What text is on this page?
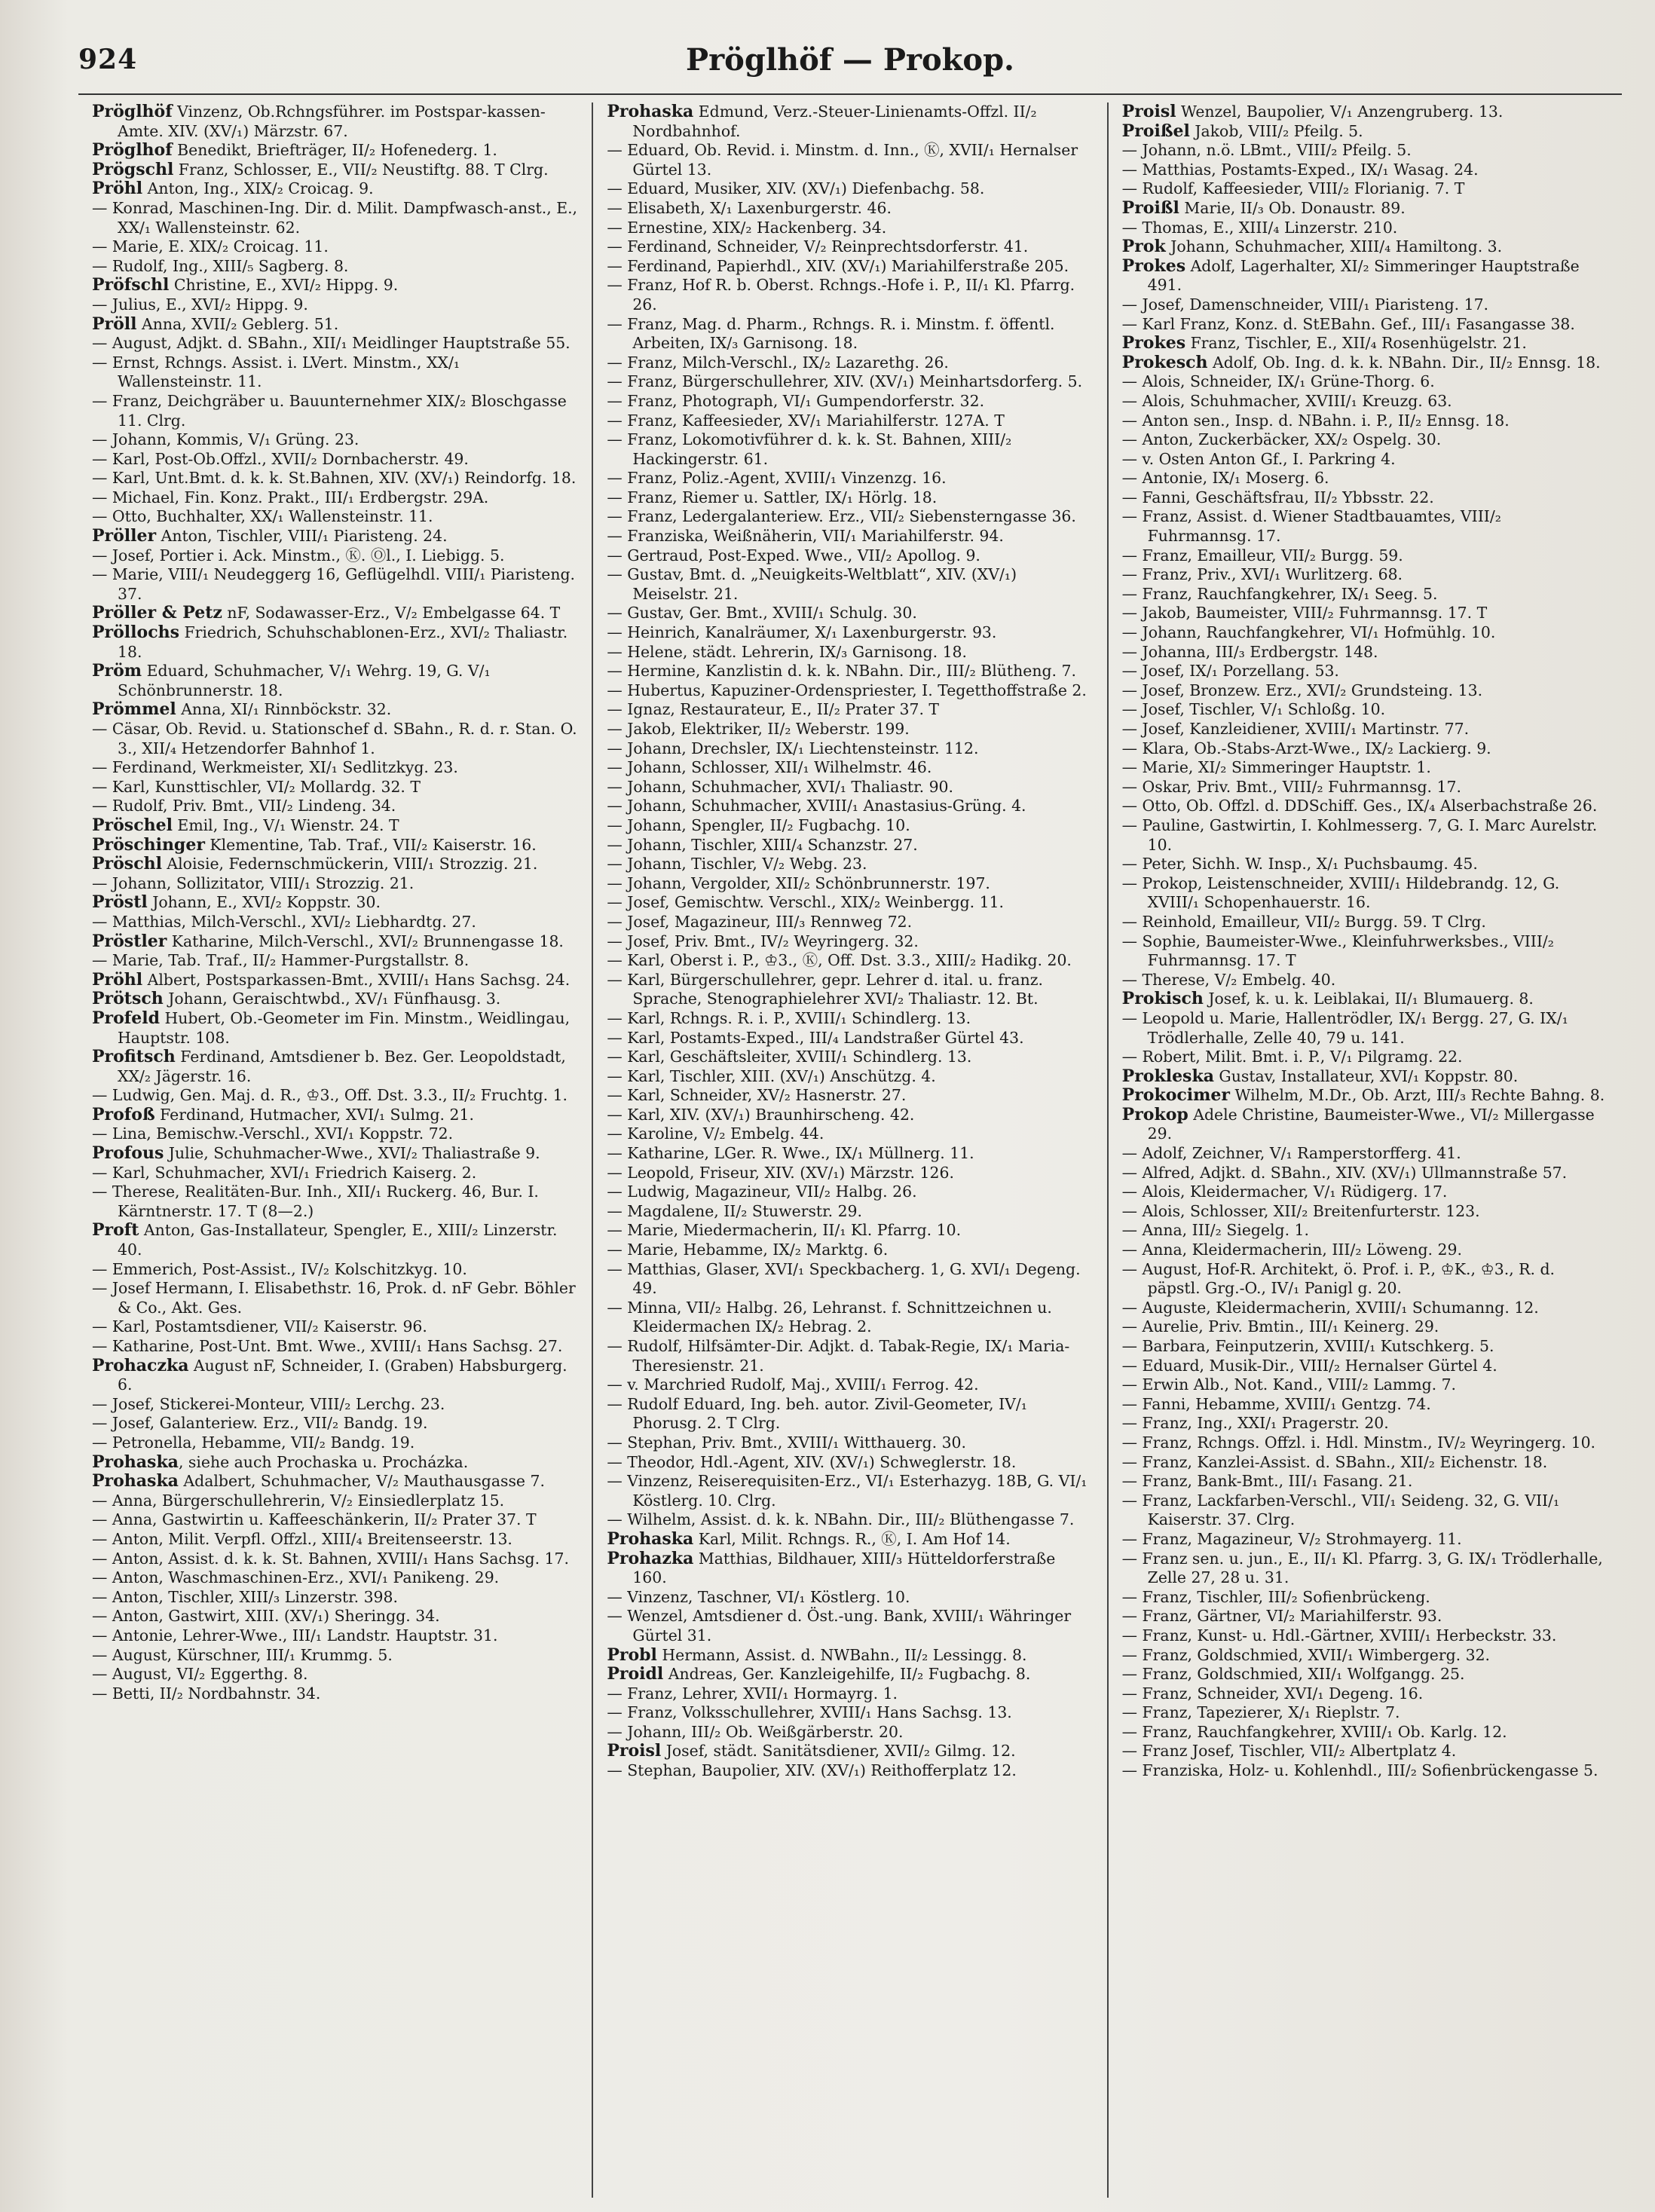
924	Pröglhöf — Prokop.
Pröglhöf Vinzenz, Ob.Rchngsführer. im Postspar-kassen-Amte. XIV. (XV/₁) Märzstr. 67.
Pröglhof Benedikt, Briefträger, II/₂ Hofenederg. 1.
Prögschl Franz, Schlosser, E., VII/₂ Neustiftg. 88. T Clrg.
Pröhl Anton, Ing., XIX/₂ Croicag. 9.
— Konrad, Maschinen-Ing. Dir. d. Milit. Dampfwasch-anst., E., XX/₁ Wallensteinstr. 62.
— Marie, E. XIX/₂ Croicag. 11.
— Rudolf, Ing., XIII/₅ Sagberg. 8.
Pröfschl Christine, E., XVI/₂ Hippg. 9.
— Julius, E., XVI/₂ Hippg. 9.
Pröll Anna, XVII/₂ Geblerg. 51.
— August, Adjkt. d. SBahn., XII/₁ Meidlinger Hauptstraße 55.
— Ernst, Rchngs. Assist. i. LVert. Minstm., XX/₁ Wallensteinstr. 11.
— Franz, Deichgräber u. Bauunternehmer XIX/₂ Bloschgasse 11. Clrg.
— Johann, Kommis, V/₁ Grüng. 23.
— Karl, Post-Ob.Offzl., XVII/₂ Dornbacherstr. 49.
— Karl, Unt.Bmt. d. k. k. St.Bahnen, XIV. (XV/₁) Reindorfg. 18.
— Michael, Fin. Konz. Prakt., III/₁ Erdbergstr. 29A.
— Otto, Buchhalter, XX/₁ Wallensteinstr. 11.
Pröller Anton, Tischler, VIII/₁ Piaristeng. 24.
— Josef, Portier i. Ack. Minstm., Ⓚ. Ⓞl., I. Liebigg. 5.
— Marie, VIII/₁ Neudeggerg 16, Geflügelhdl. VIII/₁ Piaristeng. 37.
Pröller & Petz nF, Sodawasser-Erz., V/₂ Embelgasse 64. T
Pröllochs Friedrich, Schuhschablonen-Erz., XVI/₂ Thaliastr. 18.
Pröm Eduard, Schuhmacher, V/₁ Wehrg. 19, G. V/₁ Schönbrunnerstr. 18.
Prömmel Anna, XI/₁ Rinnböckstr. 32.
— Cäsar, Ob. Revid. u. Stationschef d. SBahn., R. d. r. Stan. O. 3., XII/₄ Hetzendorfer Bahnhof 1.
— Ferdinand, Werkmeister, XI/₁ Sedlitzkyg. 23.
— Karl, Kunsttischler, VI/₂ Mollardg. 32. T
— Rudolf, Priv. Bmt., VII/₂ Lindeng. 34.
Pröschel Emil, Ing., V/₁ Wienstr. 24. T
Pröschinger Klementine, Tab. Traf., VII/₂ Kaiserstr. 16.
Pröschl Aloisie, Federnschmückerin, VIII/₁ Strozzig. 21.
— Johann, Sollizitator, VIII/₁ Strozzig. 21.
Pröstl Johann, E., XVI/₂ Koppstr. 30.
— Matthias, Milch-Verschl., XVI/₂ Liebhardtg. 27.
Pröstler Katharine, Milch-Verschl., XVI/₂ Brunnengasse 18.
— Marie, Tab. Traf., II/₂ Hammer-Purgstallstr. 8.
Pröhl Albert, Postsparkassen-Bmt., XVIII/₁ Hans Sachsg. 24.
Prötsch Johann, Geraischtwbd., XV/₁ Fünfhausg. 3.
Profeld Hubert, Ob.-Geometer im Fin. Minstm., Weidlingau, Hauptstr. 108.
Profitsch Ferdinand, Amtsdiener b. Bez. Ger. Leopoldstadt, XX/₂ Jägerstr. 16.
— Ludwig, Gen. Maj. d. R., ♔3., Off. Dst. 3.3., II/₂ Fruchtg. 1.
Profoß Ferdinand, Hutmacher, XVI/₁ Sulmg. 21.
— Lina, Bemischw.-Verschl., XVI/₁ Koppstr. 72.
Profous Julie, Schuhmacher-Wwe., XVI/₂ Thaliastraße 9.
— Karl, Schuhmacher, XVI/₁ Friedrich Kaiserg. 2.
— Therese, Realitäten-Bur. Inh., XII/₁ Ruckerg. 46, Bur. I. Kärntnerstr. 17. T (8—2.)
Proft Anton, Gas-Installateur, Spengler, E., XIII/₂ Linzerstr. 40.
— Emmerich, Post-Assist., IV/₂ Kolschitzkyg. 10.
— Josef Hermann, I. Elisabethstr. 16, Prok. d. nF Gebr. Böhler & Co., Akt. Ges.
— Karl, Postamtsdiener, VII/₂ Kaiserstr. 96.
— Katharine, Post-Unt. Bmt. Wwe., XVIII/₁ Hans Sachsg. 27.
Prohaczka August nF, Schneider, I. (Graben) Habsburgerg. 6.
— Josef, Stickerei-Monteur, VIII/₂ Lerchg. 23.
— Josef, Galanteriew. Erz., VII/₂ Bandg. 19.
— Petronella, Hebamme, VII/₂ Bandg. 19.
Prohaska, siehe auch Prochaska u. Procházka.
Prohaska Adalbert, Schuhmacher, V/₂ Mauthausgasse 7.
— Anna, Bürgerschullehrerin, V/₂ Einsiedlerplatz 15.
— Anna, Gastwirtin u. Kaffeeschänkerin, II/₂ Prater 37. T
— Anton, Milit. Verpfl. Offzl., XIII/₄ Breitenseerstr. 13.
— Anton, Assist. d. k. k. St. Bahnen, XVIII/₁ Hans Sachsg. 17.
— Anton, Waschmaschinen-Erz., XVI/₁ Panikeng. 29.
— Anton, Tischler, XIII/₃ Linzerstr. 398.
— Anton, Gastwirt, XIII. (XV/₁) Sheringg. 34.
— Antonie, Lehrer-Wwe., III/₁ Landstr. Hauptstr. 31.
— August, Kürschner, III/₁ Krummg. 5.
— August, VI/₂ Eggerthg. 8.
— Betti, II/₂ Nordbahnstr. 34.
Prohaska Edmund, Verz.-Steuer-Linienamts-Offzl. II/₂ Nordbahnhof.
— Eduard, Ob. Revid. i. Minstm. d. Inn., Ⓚ, XVII/₁ Hernalser Gürtel 13.
— Eduard, Musiker, XIV. (XV/₁) Diefenbachg. 58.
— Elisabeth, X/₁ Laxenburgerstr. 46.
— Ernestine, XIX/₂ Hackenberg. 34.
— Ferdinand, Schneider, V/₂ Reinprechtsdorferstr. 41.
— Ferdinand, Papierhdl., XIV. (XV/₁) Mariahilferstraße 205.
— Franz, Hof R. b. Oberst. Rchngs.-Hofe i. P., II/₁ Kl. Pfarrg. 26.
— Franz, Mag. d. Pharm., Rchngs. R. i. Minstm. f. öffentl. Arbeiten, IX/₃ Garnisong. 18.
— Franz, Milch-Verschl., IX/₂ Lazarethg. 26.
— Franz, Bürgerschullehrer, XIV. (XV/₁) Meinhartsdorferg. 5.
— Franz, Photograph, VI/₁ Gumpendorferstr. 32.
— Franz, Kaffeesieder, XV/₁ Mariahilferstr. 127A. T
— Franz, Lokomotivführer d. k. k. St. Bahnen, XIII/₂ Hackingerstr. 61.
— Franz, Poliz.-Agent, XVIII/₁ Vinzenzg. 16.
— Franz, Riemer u. Sattler, IX/₁ Hörlg. 18.
— Franz, Ledergalanteriew. Erz., VII/₂ Siebensterngasse 36.
— Franziska, Weißnäherin, VII/₁ Mariahilferstr. 94.
— Gertraud, Post-Exped. Wwe., VII/₂ Apollog. 9.
— Gustav, Bmt. d. „Neuigkeits-Weltblatt“, XIV. (XV/₁) Meiselstr. 21.
— Gustav, Ger. Bmt., XVIII/₁ Schulg. 30.
— Heinrich, Kanalräumer, X/₁ Laxenburgerstr. 93.
— Helene, städt. Lehrerin, IX/₃ Garnisong. 18.
— Hermine, Kanzlistin d. k. k. NBahn. Dir., III/₂ Blütheng. 7.
— Hubertus, Kapuziner-Ordenspriester, I. Tegetthoffstraße 2.
— Ignaz, Restaurateur, E., II/₂ Prater 37. T
— Jakob, Elektriker, II/₂ Weberstr. 199.
— Johann, Drechsler, IX/₁ Liechtensteinstr. 112.
— Johann, Schlosser, XII/₁ Wilhelmstr. 46.
— Johann, Schuhmacher, XVI/₁ Thaliastr. 90.
— Johann, Schuhmacher, XVIII/₁ Anastasius-Grüng. 4.
— Johann, Spengler, II/₂ Fugbachg. 10.
— Johann, Tischler, XIII/₄ Schanzstr. 27.
— Johann, Tischler, V/₂ Webg. 23.
— Johann, Vergolder, XII/₂ Schönbrunnerstr. 197.
— Josef, Gemischtw. Verschl., XIX/₂ Weinbergg. 11.
— Josef, Magazineur, III/₃ Rennweg 72.
— Josef, Priv. Bmt., IV/₂ Weyringerg. 32.
— Karl, Oberst i. P., ♔3., Ⓚ, Off. Dst. 3.3., XIII/₂ Hadikg. 20.
— Karl, Bürgerschullehrer, gepr. Lehrer d. ital. u. franz. Sprache, Stenographielehrer XVI/₂ Thaliastr. 12. Bt.
— Karl, Rchngs. R. i. P., XVIII/₁ Schindlerg. 13.
— Karl, Postamts-Exped., III/₄ Landstraßer Gürtel 43.
— Karl, Geschäftsleiter, XVIII/₁ Schindlerg. 13.
— Karl, Tischler, XIII. (XV/₁) Anschützg. 4.
— Karl, Schneider, XV/₂ Hasnerstr. 27.
— Karl, XIV. (XV/₁) Braunhirscheng. 42.
— Karoline, V/₂ Embelg. 44.
— Katharine, LGer. R. Wwe., IX/₁ Müllnerg. 11.
— Leopold, Friseur, XIV. (XV/₁) Märzstr. 126.
— Ludwig, Magazineur, VII/₂ Halbg. 26.
— Magdalene, II/₂ Stuwerstr. 29.
— Marie, Miedermacherin, II/₁ Kl. Pfarrg. 10.
— Marie, Hebamme, IX/₂ Marktg. 6.
— Matthias, Glaser, XVI/₁ Speckbacherg. 1, G. XVI/₁ Degeng. 49.
— Minna, VII/₂ Halbg. 26, Lehranst. f. Schnittzeichnen u. Kleidermachen IX/₂ Hebrag. 2.
— Rudolf, Hilfsämter-Dir. Adjkt. d. Tabak-Regie, IX/₁ Maria-Theresienstr. 21.
— v. Marchried Rudolf, Maj., XVIII/₁ Ferrog. 42.
— Rudolf Eduard, Ing. beh. autor. Zivil-Geometer, IV/₁ Phorusg. 2. T Clrg.
— Stephan, Priv. Bmt., XVIII/₁ Witthauerg. 30.
— Theodor, Hdl.-Agent, XIV. (XV/₁) Schweglerstr. 18.
— Vinzenz, Reiserequisiten-Erz., VI/₁ Esterhazyg. 18B, G. VI/₁ Köstlerg. 10. Clrg.
— Wilhelm, Assist. d. k. k. NBahn. Dir., III/₂ Blüthengasse 7.
Prohaska Karl, Milit. Rchngs. R., Ⓚ, I. Am Hof 14.
Prohazka Matthias, Bildhauer, XIII/₃ Hütteldorferstraße 160.
— Vinzenz, Taschner, VI/₁ Köstlerg. 10.
— Wenzel, Amtsdiener d. Öst.-ung. Bank, XVIII/₁ Währinger Gürtel 31.
Probl Hermann, Assist. d. NWBahn., II/₂ Lessingg. 8.
Proidl Andreas, Ger. Kanzleigehilfe, II/₂ Fugbachg. 8.
— Franz, Lehrer, XVII/₁ Hormayrg. 1.
— Franz, Volksschullehrer, XVIII/₁ Hans Sachsg. 13.
— Johann, III/₂ Ob. Weißgärberstr. 20.
Proisl Josef, städt. Sanitätsdiener, XVII/₂ Gilmg. 12.
— Stephan, Baupolier, XIV. (XV/₁) Reithofferplatz 12.
Proisl Wenzel, Baupolier, V/₁ Anzengruberg. 13.
Proißel Jakob, VIII/₂ Pfeilg. 5.
— Johann, n.ö. LBmt., VIII/₂ Pfeilg. 5.
— Matthias, Postamts-Exped., IX/₁ Wasag. 24.
— Rudolf, Kaffeesieder, VIII/₂ Florianig. 7. T
Proißl Marie, II/₃ Ob. Donaustr. 89.
— Thomas, E., XIII/₄ Linzerstr. 210.
Prok Johann, Schuhmacher, XIII/₄ Hamiltong. 3.
Prokes Adolf, Lagerhalter, XI/₂ Simmeringer Hauptstraße 491.
— Josef, Damenschneider, VIII/₁ Piaristeng. 17.
— Karl Franz, Konz. d. StEBahn. Gef., III/₁ Fasangasse 38.
Prokes Franz, Tischler, E., XII/₄ Rosenhügelstr. 21.
Prokesch Adolf, Ob. Ing. d. k. k. NBahn. Dir., II/₂ Ennsg. 18.
— Alois, Schneider, IX/₁ Grüne-Thorg. 6.
— Alois, Schuhmacher, XVIII/₁ Kreuzg. 63.
— Anton sen., Insp. d. NBahn. i. P., II/₂ Ennsg. 18.
— Anton, Zuckerbäcker, XX/₂ Ospelg. 30.
— v. Osten Anton Gf., I. Parkring 4.
— Antonie, IX/₁ Moserg. 6.
— Fanni, Geschäftsfrau, II/₂ Ybbsstr. 22.
— Franz, Assist. d. Wiener Stadtbauamtes, VIII/₂ Fuhrmannsg. 17.
— Franz, Emailleur, VII/₂ Burgg. 59.
— Franz, Priv., XVI/₁ Wurlitzerg. 68.
— Franz, Rauchfangkehrer, IX/₁ Seeg. 5.
— Jakob, Baumeister, VIII/₂ Fuhrmannsg. 17. T
— Johann, Rauchfangkehrer, VI/₁ Hofmühlg. 10.
— Johanna, III/₃ Erdbergstr. 148.
— Josef, IX/₁ Porzellang. 53.
— Josef, Bronzew. Erz., XVI/₂ Grundsteing. 13.
— Josef, Tischler, V/₁ Schloßg. 10.
— Josef, Kanzleidiener, XVIII/₁ Martinstr. 77.
— Klara, Ob.-Stabs-Arzt-Wwe., IX/₂ Lackierg. 9.
— Marie, XI/₂ Simmeringer Hauptstr. 1.
— Oskar, Priv. Bmt., VIII/₂ Fuhrmannsg. 17.
— Otto, Ob. Offzl. d. DDSchiff. Ges., IX/₄ Alserbachstraße 26.
— Pauline, Gastwirtin, I. Kohlmesserg. 7, G. I. Marc Aurelstr. 10.
— Peter, Sichh. W. Insp., X/₁ Puchsbaumg. 45.
— Prokop, Leistenschneider, XVIII/₁ Hildebrandg. 12, G. XVIII/₁ Schopenhauerstr. 16.
— Reinhold, Emailleur, VII/₂ Burgg. 59. T Clrg.
— Sophie, Baumeister-Wwe., Kleinfuhrwerksbes., VIII/₂ Fuhrmannsg. 17. T
— Therese, V/₂ Embelg. 40.
Prokisch Josef, k. u. k. Leiblakai, II/₁ Blumauerg. 8.
— Leopold u. Marie, Hallentrödler, IX/₁ Bergg. 27, G. IX/₁ Trödlerhalle, Zelle 40, 79 u. 141.
— Robert, Milit. Bmt. i. P., V/₁ Pilgramg. 22.
Prokleska Gustav, Installateur, XVI/₁ Koppstr. 80.
Prokocimer Wilhelm, M.Dr., Ob. Arzt, III/₃ Rechte Bahng. 8.
Prokop Adele Christine, Baumeister-Wwe., VI/₂ Millergasse 29.
— Adolf, Zeichner, V/₁ Ramperstorfferg. 41.
— Alfred, Adjkt. d. SBahn., XIV. (XV/₁) Ullmannstraße 57.
— Alois, Kleidermacher, V/₁ Rüdigerg. 17.
— Alois, Schlosser, XII/₂ Breitenfurterstr. 123.
— Anna, III/₂ Siegelg. 1.
— Anna, Kleidermacherin, III/₂ Löweng. 29.
— August, Hof-R. Architekt, ö. Prof. i. P., ♔K., ♔3., R. d. päpstl. Grg.-O., IV/₁ Panigl g. 20.
— Auguste, Kleidermacherin, XVIII/₁ Schumanng. 12.
— Aurelie, Priv. Bmtin., III/₁ Keinerg. 29.
— Barbara, Feinputzerin, XVIII/₁ Kutschkerg. 5.
— Eduard, Musik-Dir., VIII/₂ Hernalser Gürtel 4.
— Erwin Alb., Not. Kand., VIII/₂ Lammg. 7.
— Fanni, Hebamme, XVIII/₁ Gentzg. 74.
— Franz, Ing., XXI/₁ Pragerstr. 20.
— Franz, Rchngs. Offzl. i. Hdl. Minstm., IV/₂ Weyringerg. 10.
— Franz, Kanzlei-Assist. d. SBahn., XII/₂ Eichenstr. 18.
— Franz, Bank-Bmt., III/₁ Fasang. 21.
— Franz, Lackfarben-Verschl., VII/₁ Seideng. 32, G. VII/₁ Kaiserstr. 37. Clrg.
— Franz, Magazineur, V/₂ Strohmayerg. 11.
— Franz sen. u. jun., E., II/₁ Kl. Pfarrg. 3, G. IX/₁ Trödlerhalle, Zelle 27, 28 u. 31.
— Franz, Tischler, III/₂ Sofienbrückeng.
— Franz, Gärtner, VI/₂ Mariahilferstr. 93.
— Franz, Kunst- u. Hdl.-Gärtner, XVIII/₁ Herbeckstr. 33.
— Franz, Goldschmied, XVII/₁ Wimbergerg. 32.
— Franz, Goldschmied, XII/₁ Wolfgangg. 25.
— Franz, Schneider, XVI/₁ Degeng. 16.
— Franz, Tapezierer, X/₁ Rieplstr. 7.
— Franz, Rauchfangkehrer, XVIII/₁ Ob. Karlg. 12.
— Franz Josef, Tischler, VII/₂ Albertplatz 4.
— Franziska, Holz- u. Kohlenhdl., III/₂ Sofienbrückengasse 5.
